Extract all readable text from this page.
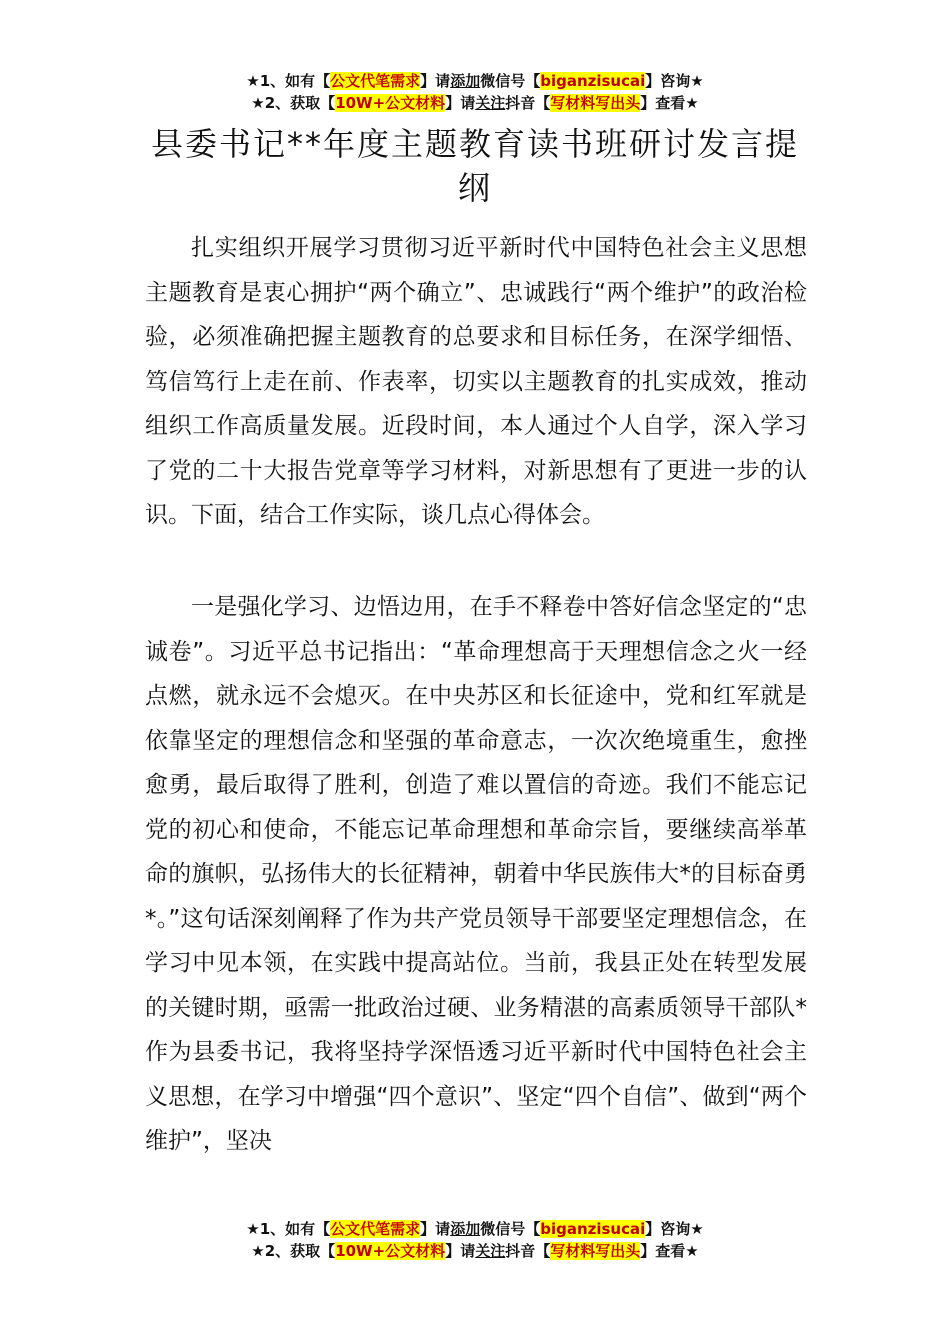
★1、如有【公文代笔需求】请添加微信号【biganzisucai】咨询★
★2、获取【10W+公文材料】请关注抖音【写材料写出头】查看★
县委书记**年度主题教育读书班研讨发言提纲

扎实组织开展学习贯彻习近平新时代中国特色社会主义思想主题教育是衷心拥护“两个确立”、忠诚践行“两个维护”的政治检验，必须准确把握主题教育的总要求和目标任务，在深学细悟、笃信笃行上走在前、作表率，切实以主题教育的扎实成效，推动组织工作高质量发展。近段时间，本人通过个人自学，深入学习了党的二十大报告党章等学习材料，对新思想有了更进一步的认识。下面，结合工作实际，谈几点心得体会。

一是强化学习、边悟边用，在手不释卷中答好信念坚定的“忠诚卷”。习近平总书记指出：“革命理想高于天理想信念之火一经点燃，就永远不会熄灭。在中央苏区和长征途中，党和红军就是依靠坚定的理想信念和坚强的革命意志，一次次绝境重生，愈挫愈勇，最后取得了胜利，创造了难以置信的奇迹。我们不能忘记党的初心和使命，不能忘记革命理想和革命宗旨，要继续高举革命的旗帜，弘扬伟大的长征精神，朝着中华民族伟大*的目标奋勇*。”这句话深刻阐释了作为共产党员领导干部要坚定理想信念，在学习中见本领，在实践中提高站位。当前，我县正处在转型发展的关键时期，亟需一批政治过硬、业务精湛的高素质领导干部队*作为县委书记，我将坚持学深悟透习近平新时代中国特色社会主义思想，在学习中增强“四个意识”、坚定“四个自信”、做到“两个维护”，坚决

★1、如有【公文代笔需求】请添加微信号【biganzisucai】咨询★
★2、获取【10W+公文材料】请关注抖音【写材料写出头】查看★
